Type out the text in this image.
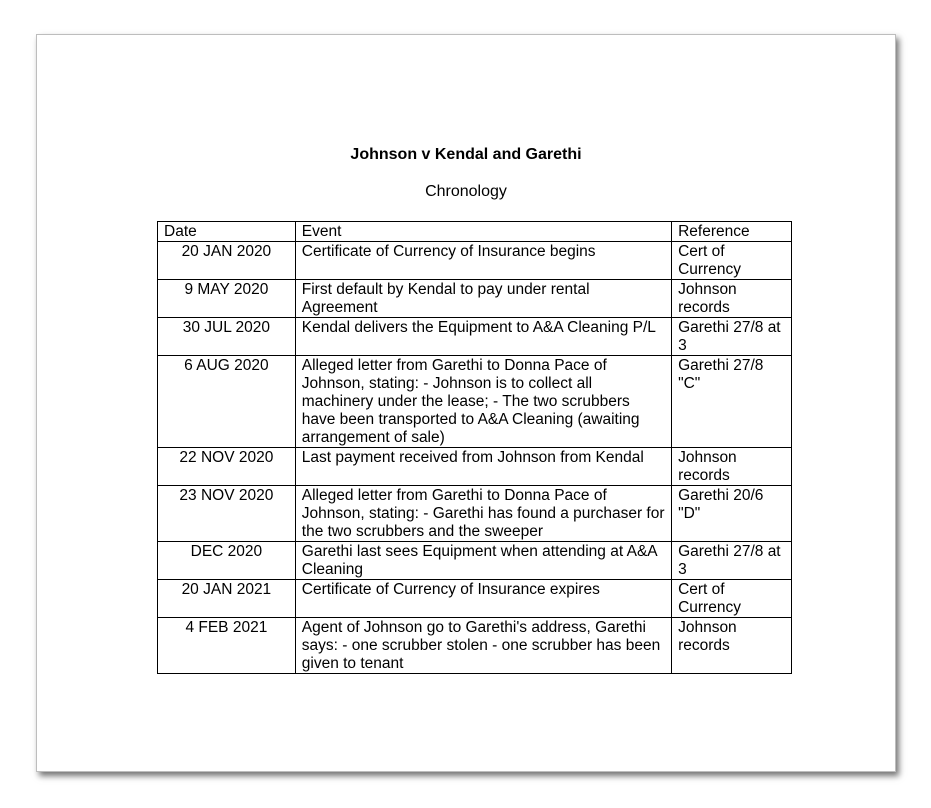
Johnson v Kendal and Garethi
Chronology
Date	Event	Reference
20 JAN 2020	Certificate of Currency of Insurance begins	Cert of Currency
9 MAY 2020	First default by Kendal to pay under rental Agreement	Johnson records
30 JUL 2020	Kendal delivers the Equipment to A&A Cleaning P/L	Garethi 27/8 at 3
6 AUG 2020	Alleged letter from Garethi to Donna Pace of Johnson, stating: - Johnson is to collect all machinery under the lease; - The two scrubbers have been transported to A&A Cleaning (awaiting arrangement of sale)	Garethi 27/8 "C"
22 NOV 2020	Last payment received from Johnson from Kendal	Johnson records
23 NOV 2020	Alleged letter from Garethi to Donna Pace of Johnson, stating: - Garethi has found a purchaser for the two scrubbers and the sweeper	Garethi 20/6 "D"
DEC 2020	Garethi last sees Equipment when attending at A&A Cleaning	Garethi 27/8 at 3
20 JAN 2021	Certificate of Currency of Insurance expires	Cert of Currency
4 FEB 2021	Agent of Johnson go to Garethi's address, Garethi says: - one scrubber stolen - one scrubber has been given to tenant	Johnson records
